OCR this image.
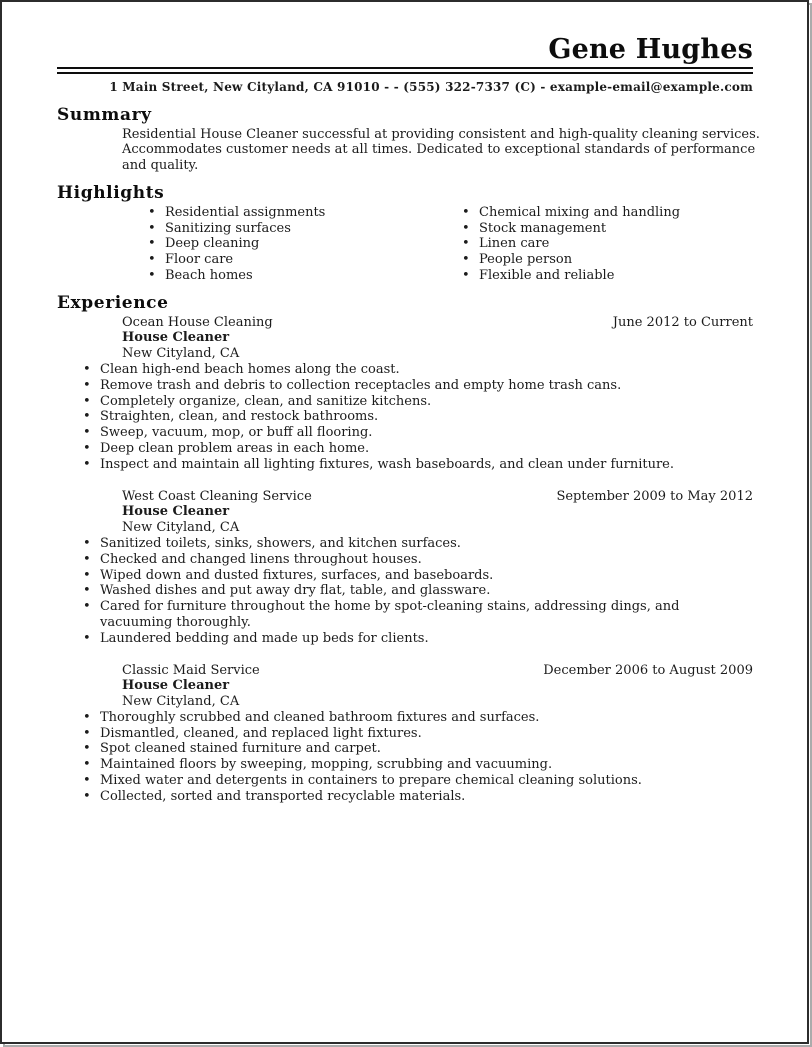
Gene Hughes
1 Main Street, New Cityland, CA 91010 - - (555) 322-7337 (C) - example-email@example.com
Summary
Residential House Cleaner successful at providing consistent and high-quality cleaning services. Accommodates customer needs at all times. Dedicated to exceptional standards of performance and quality.
Highlights
• Residential assignments
• Sanitizing surfaces
• Deep cleaning
• Floor care
• Beach homes
• Chemical mixing and handling
• Stock management
• Linen care
• People person
• Flexible and reliable
Experience
Ocean House Cleaning	June 2012 to Current
House Cleaner
New Cityland, CA
• Clean high-end beach homes along the coast.
• Remove trash and debris to collection receptacles and empty home trash cans.
• Completely organize, clean, and sanitize kitchens.
• Straighten, clean, and restock bathrooms.
• Sweep, vacuum, mop, or buff all flooring.
• Deep clean problem areas in each home.
• Inspect and maintain all lighting fixtures, wash baseboards, and clean under furniture.
West Coast Cleaning Service	September 2009 to May 2012
House Cleaner
New Cityland, CA
• Sanitized toilets, sinks, showers, and kitchen surfaces.
• Checked and changed linens throughout houses.
• Wiped down and dusted fixtures, surfaces, and baseboards.
• Washed dishes and put away dry flat, table, and glassware.
• Cared for furniture throughout the home by spot-cleaning stains, addressing dings, and vacuuming thoroughly.
• Laundered bedding and made up beds for clients.
Classic Maid Service	December 2006 to August 2009
House Cleaner
New Cityland, CA
• Thoroughly scrubbed and cleaned bathroom fixtures and surfaces.
• Dismantled, cleaned, and replaced light fixtures.
• Spot cleaned stained furniture and carpet.
• Maintained floors by sweeping, mopping, scrubbing and vacuuming.
• Mixed water and detergents in containers to prepare chemical cleaning solutions.
• Collected, sorted and transported recyclable materials.
